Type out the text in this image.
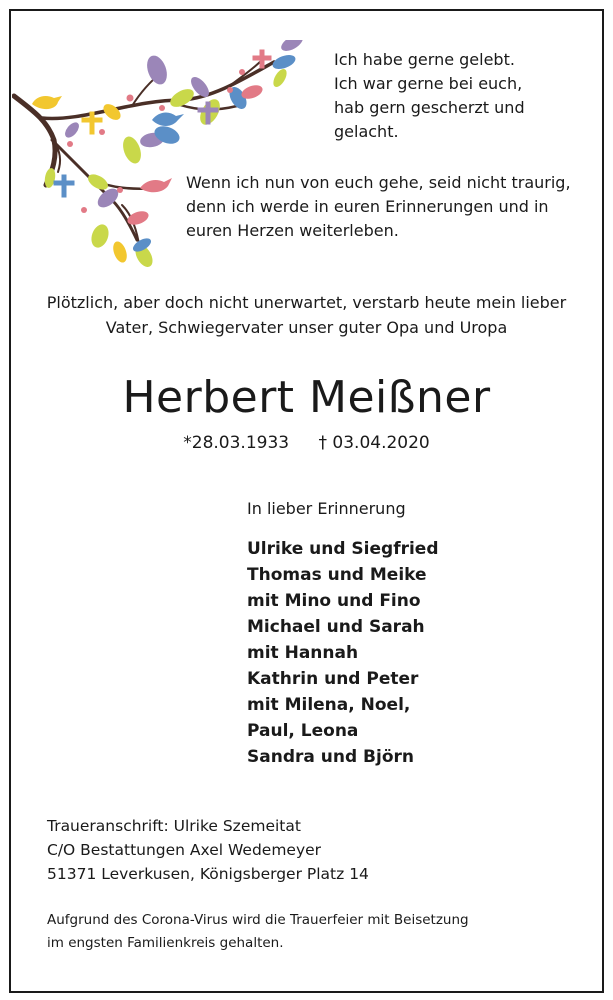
Ich habe gerne gelebt.
Ich war gerne bei euch,
hab gern gescherzt und
gelacht.
Wenn ich nun von euch gehe, seid nicht traurig,
denn ich werde in euren Erinnerungen und in
euren Herzen weiterleben.
Plötzlich, aber doch nicht unerwartet, verstarb heute mein lieber
Vater, Schwiegervater unser guter Opa und Uropa
Herbert Meißner
*28.03.1933 † 03.04.2020
In lieber Erinnerung
Ulrike und Siegfried
Thomas und Meike
mit Mino und Fino
Michael und Sarah
mit Hannah
Kathrin und Peter
mit Milena, Noel,
Paul, Leona
Sandra und Björn
Traueranschrift: Ulrike Szemeitat
C/O Bestattungen Axel Wedemeyer
51371 Leverkusen, Königsberger Platz 14
Aufgrund des Corona-Virus wird die Trauerfeier mit Beisetzung
im engsten Familienkreis gehalten.
